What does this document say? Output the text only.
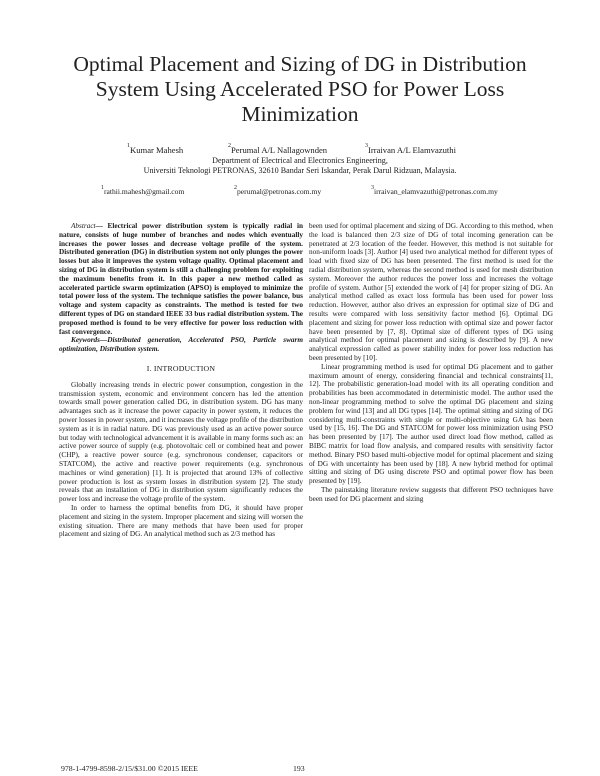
Optimal Placement and Sizing of DG in Distribution System Using Accelerated PSO for Power Loss Minimization
$^1$Kumar Mahesh	$^2$Perumal A/L Nallagownden	$^3$Irraivan A/L Elamvazuthi
Department of Electrical and Electronics Engineering,
Universiti Teknologi PETRONAS, 32610 Bandar Seri Iskandar, Perak Darul Ridzuan, Malaysia.
$^1$rathii.mahesh@gmail.com	$^2$perumal@petronas.com.my	$^3$irraivan_elamvazuthi@petronas.com.my

Abstract— Electrical power distribution system is typically radial in nature, consists of huge number of branches and nodes which eventually increases the power losses and decrease voltage profile of the system. Distributed generation (DG) in distribution system not only plunges the power losses but also it improves the system voltage quality. Optimal placement and sizing of DG in distribution system is still a challenging problem for exploiting the maximum benefits from it. In this paper a new method called as accelerated particle swarm optimization (APSO) is employed to minimize the total power loss of the system. The technique satisfies the power balance, bus voltage and system capacity as constraints. The method is tested for two different types of DG on standard IEEE 33 bus radial distribution system. The proposed method is found to be very effective for power loss reduction with fast convergence.

Keywords—Distributed generation, Accelerated PSO, Particle swarm optimization, Distribution system.

I. INTRODUCTION

Globally increasing trends in electric power consumption, congestion in the transmission system, economic and environment concern has led the attention towards small power generation called DG, in distribution system. DG has many advantages such as it increase the power capacity in power system, it reduces the power losses in power system, and it increases the voltage profile of the distribution system as it is in radial nature. DG was previously used as an active power source but today with technological advancement it is available in many forms such as: an active power source of supply (e.g. photovoltaic cell or combined heat and power (CHP), a reactive power source (e.g. synchronous condenser, capacitors or STATCOM), the active and reactive power requirements (e.g. synchronous machines or wind generation) [1]. It is projected that around 13% of collective power production is lost as system losses in distribution system [2]. The study reveals that an installation of DG in distribution system significantly reduces the power loss and increase the voltage profile of the system.

In order to harness the optimal benefits from DG, it should have proper placement and sizing in the system. Improper placement and sizing will worsen the existing situation. There are many methods that have been used for proper placement and sizing of DG. An analytical method such as 2/3 method has

been used for optimal placement and sizing of DG. According to this method, when the load is balanced then 2/3 size of DG of total incoming generation can be penetrated at 2/3 location of the feeder. However, this method is not suitable for non-uniform loads [3]. Author [4] used two analytical method for different types of load with fixed size of DG has been presented. The first method is used for the radial distribution system, whereas the second method is used for mesh distribution system. Moreover the author reduces the power loss and increases the voltage profile of system. Author [5] extended the work of [4] for proper sizing of DG. An analytical method called as exact loss formula has been used for power loss reduction. However, author also drives an expression for optimal size of DG and results were compared with loss sensitivity factor method [6]. Optimal DG placement and sizing for power loss reduction with optimal size and power factor have been presented by [7, 8]. Optimal size of different types of DG using analytical method for optimal placement and sizing is described by [9]. A new analytical expression called as power stability index for power loss reduction has been presented by [10].

Linear programming method is used for optimal DG placement and to gather maximum amount of energy, considering financial and technical constraints[11, 12]. The probabilistic generation-load model with its all operating condition and probabilities has been accommodated in deterministic model. The author used the non-linear programming method to solve the optimal DG placement and sizing problem for wind [13] and all DG types [14]. The optimal sitting and sizing of DG considering multi-constraints with single or multi-objective using GA has been used by [15, 16]. The DG and STATCOM for power loss minimization using PSO has been presented by [17]. The author used direct load flow method, called as BIBC matrix for load flow analysis, and compared results with sensitivity factor method. Binary PSO based multi-objective model for optimal placement and sizing of DG with uncertainty has been used by [18]. A new hybrid method for optimal sitting and sizing of DG using discrete PSO and optimal power flow has been presented by [19].

The painstaking literature review suggests that different PSO techniques have been used for DG placement and sizing

978-1-4799-8598-2/15/$31.00 ©2015 IEEE	193
